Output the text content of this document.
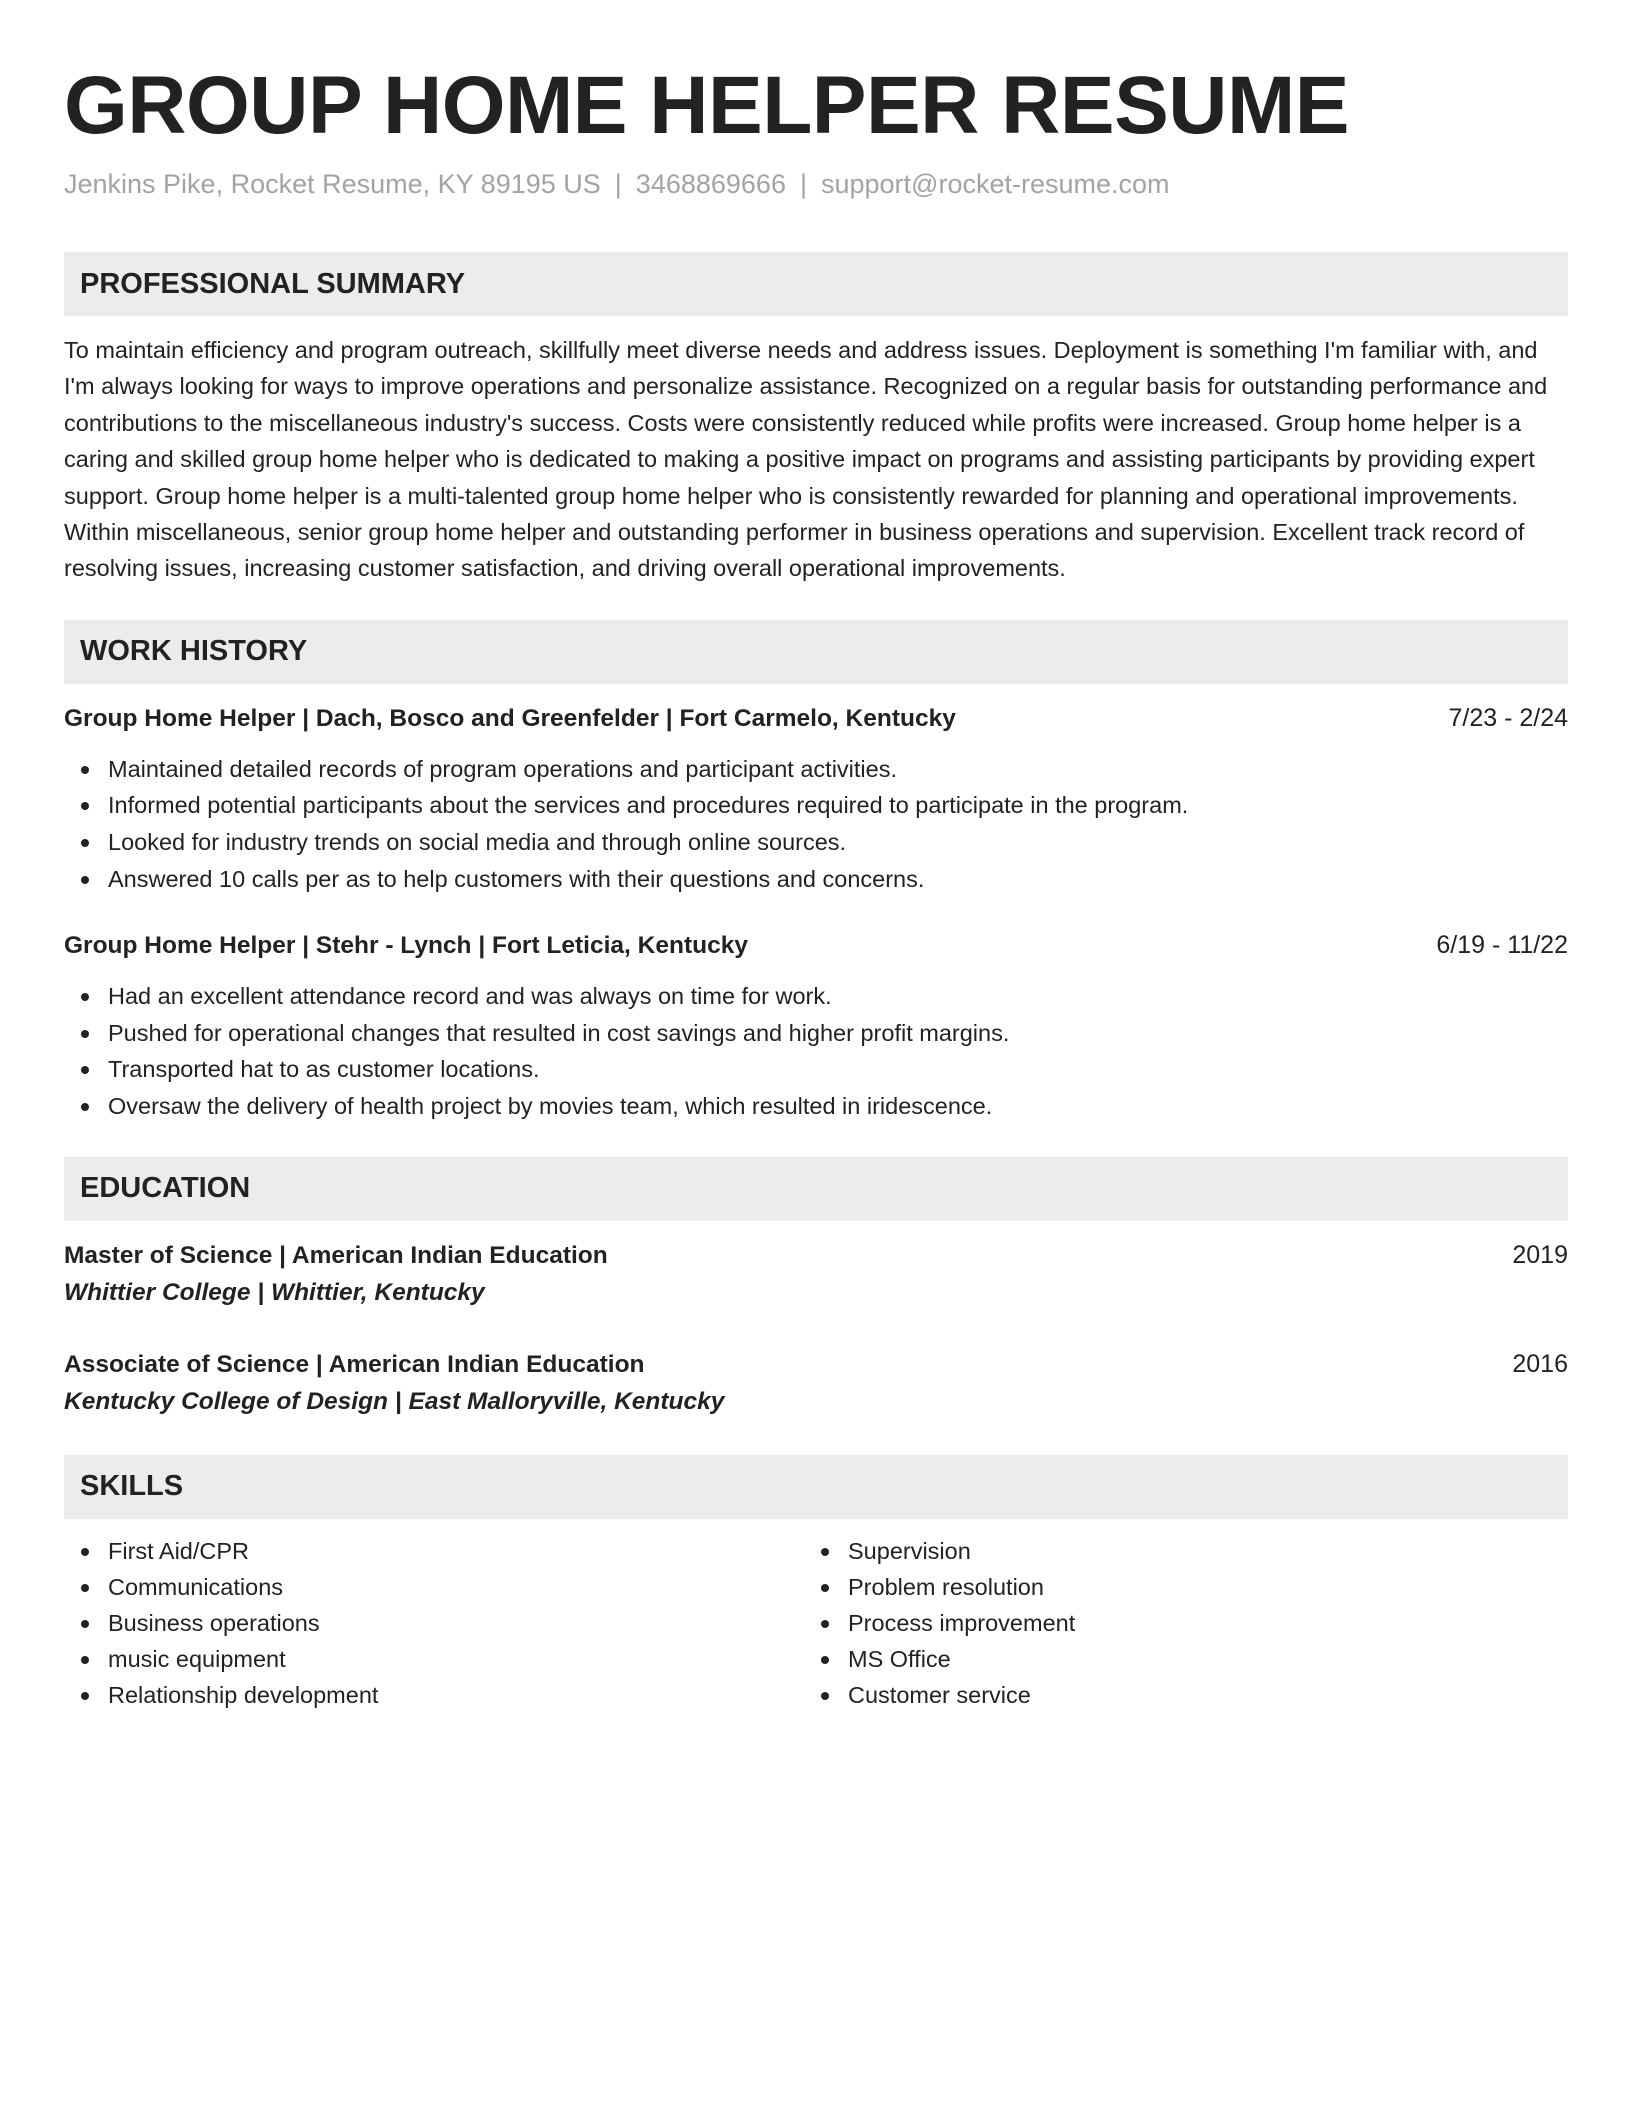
GROUP HOME HELPER RESUME
Jenkins Pike, Rocket Resume, KY 89195 US | 3468869666 | support@rocket-resume.com
PROFESSIONAL SUMMARY

To maintain efficiency and program outreach, skillfully meet diverse needs and address issues. Deployment is something I'm familiar with, and I'm always looking for ways to improve operations and personalize assistance. Recognized on a regular basis for outstanding performance and contributions to the miscellaneous industry's success. Costs were consistently reduced while profits were increased. Group home helper is a caring and skilled group home helper who is dedicated to making a positive impact on programs and assisting participants by providing expert support. Group home helper is a multi-talented group home helper who is consistently rewarded for planning and operational improvements. Within miscellaneous, senior group home helper and outstanding performer in business operations and supervision. Excellent track record of resolving issues, increasing customer satisfaction, and driving overall operational improvements.

WORK HISTORY
Group Home Helper | Dach, Bosco and Greenfelder | Fort Carmelo, Kentucky	7/23 - 2/24
Maintained detailed records of program operations and participant activities.
Informed potential participants about the services and procedures required to participate in the program.
Looked for industry trends on social media and through online sources.
Answered 10 calls per as to help customers with their questions and concerns.
Group Home Helper | Stehr - Lynch | Fort Leticia, Kentucky	6/19 - 11/22
Had an excellent attendance record and was always on time for work.
Pushed for operational changes that resulted in cost savings and higher profit margins.
Transported hat to as customer locations.
Oversaw the delivery of health project by movies team, which resulted in iridescence.
EDUCATION
Master of Science | American Indian Education	2019
Whittier College | Whittier, Kentucky
Associate of Science | American Indian Education	2016
Kentucky College of Design | East Malloryville, Kentucky
SKILLS
First Aid/CPR
Communications
Business operations
music equipment
Relationship development
Supervision
Problem resolution
Process improvement
MS Office
Customer service
